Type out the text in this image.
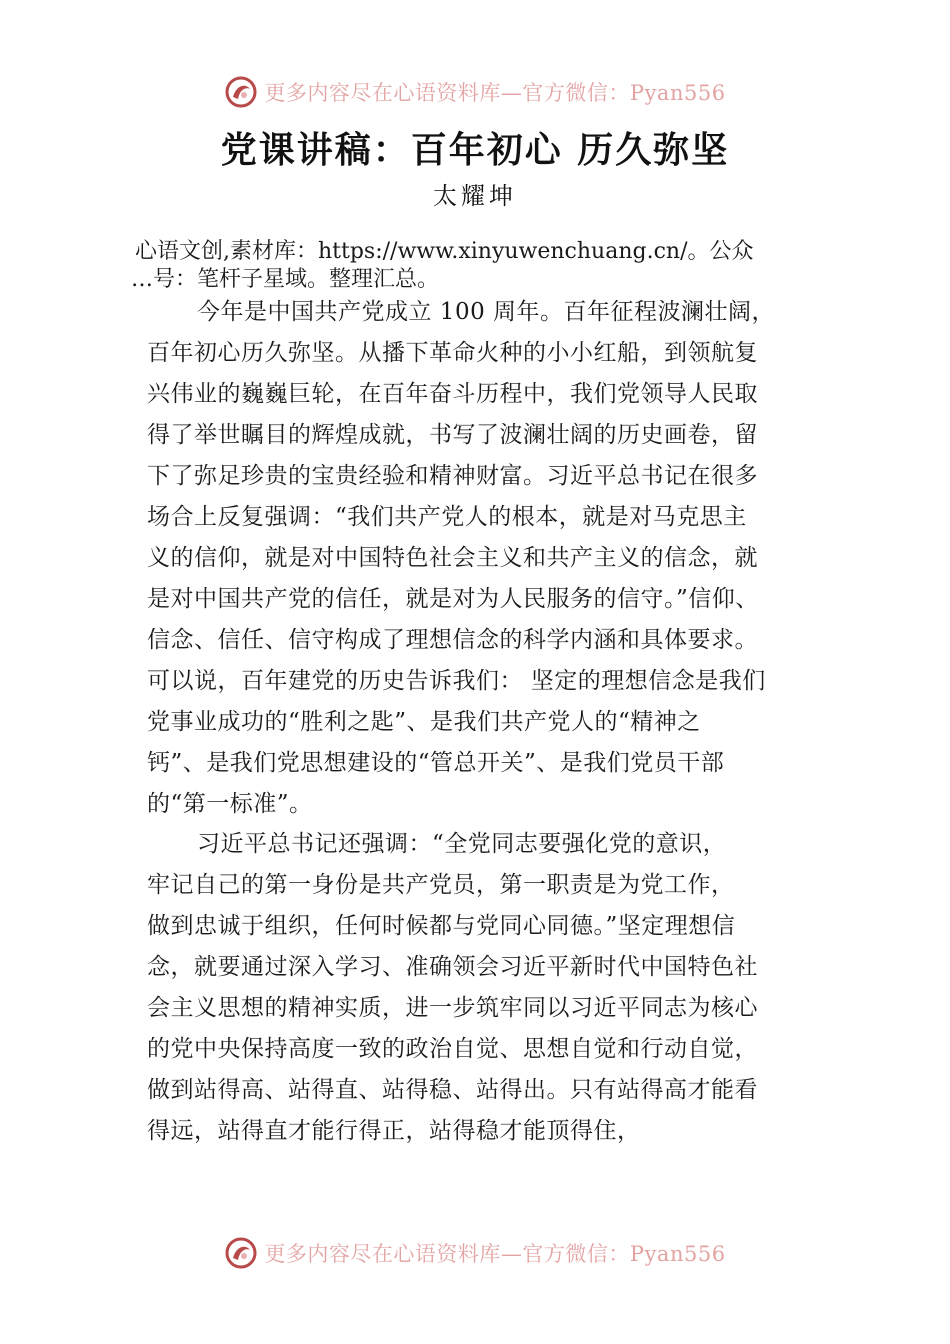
更多内容尽在心语资料库—官方微信：Pyan556
党课讲稿：百年初心 历久弥坚
太耀坤
心语文创,素材库：https://www.xinyuwenchuang.cn/。公众
…号：笔杆子星域。整理汇总。

今年是中国共产党成立 100 周年。百年征程波澜壮阔，
百年初心历久弥坚。从播下革命火种的小小红船，到领航复
兴伟业的巍巍巨轮，在百年奋斗历程中，我们党领导人民取
得了举世瞩目的辉煌成就，书写了波澜壮阔的历史画卷，留
下了弥足珍贵的宝贵经验和精神财富。习近平总书记在很多
场合上反复强调：“我们共产党人的根本，就是对马克思主
义的信仰，就是对中国特色社会主义和共产主义的信念，就
是对中国共产党的信任，就是对为人民服务的信守。”信仰、
信念、信任、信守构成了理想信念的科学内涵和具体要求。
可以说，百年建党的历史告诉我们： 坚定的理想信念是我们
党事业成功的“胜利之匙”、是我们共产党人的“精神之
钙”、是我们党思想建设的“管总开关”、是我们党员干部
的“第一标准”。

习近平总书记还强调：“全党同志要强化党的意识，
牢记自己的第一身份是共产党员，第一职责是为党工作，
做到忠诚于组织，任何时候都与党同心同德。”坚定理想信
念，就要通过深入学习、准确领会习近平新时代中国特色社
会主义思想的精神实质，进一步筑牢同以习近平同志为核心
的党中央保持高度一致的政治自觉、思想自觉和行动自觉，
做到站得高、站得直、站得稳、站得出。只有站得高才能看
得远，站得直才能行得正，站得稳才能顶得住，

更多内容尽在心语资料库—官方微信：Pyan556
